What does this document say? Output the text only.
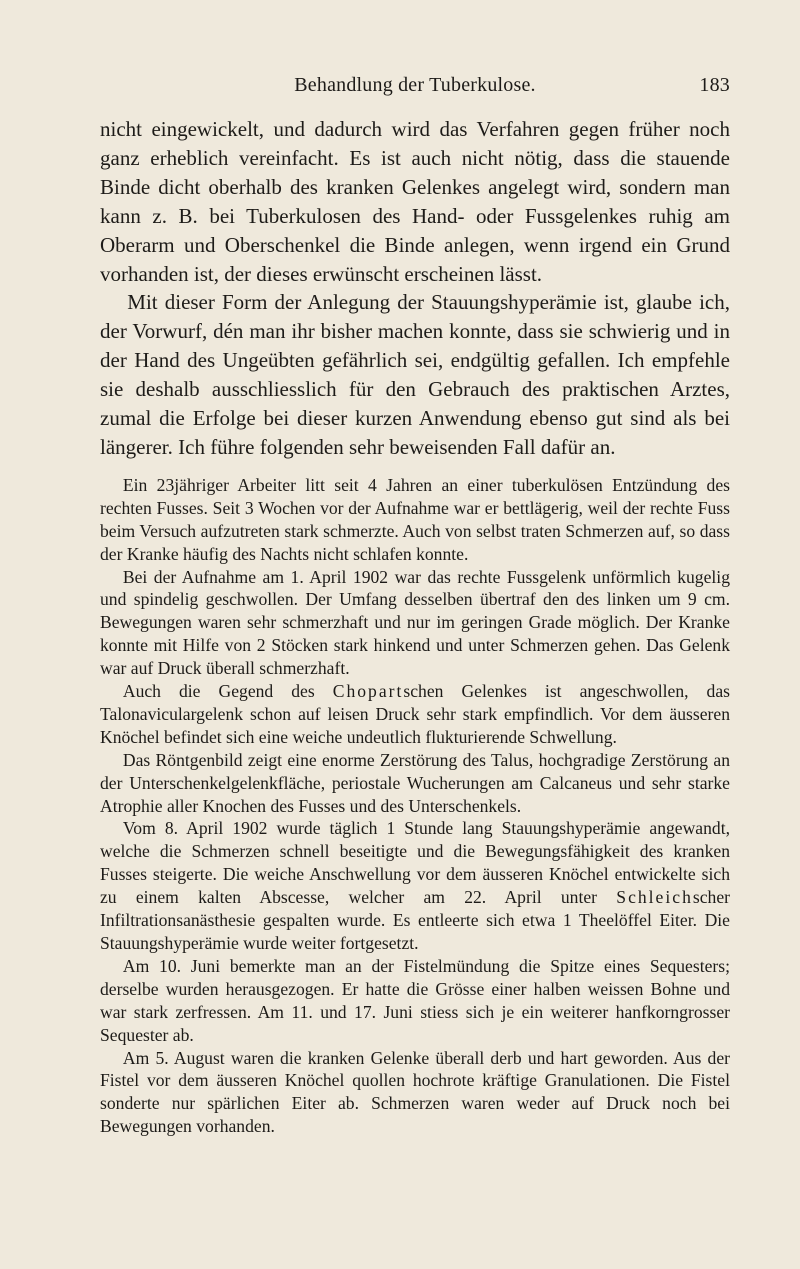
Behandlung der Tuberkulose.	183
nicht eingewickelt, und dadurch wird das Verfahren gegen früher noch ganz erheblich vereinfacht. Es ist auch nicht nötig, dass die stauende Binde dicht oberhalb des kranken Gelenkes angelegt wird, sondern man kann z. B. bei Tuberkulosen des Hand- oder Fussgelenkes ruhig am Oberarm und Oberschenkel die Binde anlegen, wenn irgend ein Grund vorhanden ist, der dieses erwünscht erscheinen lässt.
Mit dieser Form der Anlegung der Stauungshyperämie ist, glaube ich, der Vorwurf, dén man ihr bisher machen konnte, dass sie schwierig und in der Hand des Ungeübten gefährlich sei, endgültig gefallen. Ich empfehle sie deshalb ausschliesslich für den Gebrauch des praktischen Arztes, zumal die Erfolge bei dieser kurzen Anwendung ebenso gut sind als bei längerer. Ich führe folgenden sehr beweisenden Fall dafür an.
Ein 23jähriger Arbeiter litt seit 4 Jahren an einer tuberkulösen Entzündung des rechten Fusses. Seit 3 Wochen vor der Aufnahme war er bettlägerig, weil der rechte Fuss beim Versuch aufzutreten stark schmerzte. Auch von selbst traten Schmerzen auf, so dass der Kranke häufig des Nachts nicht schlafen konnte.
Bei der Aufnahme am 1. April 1902 war das rechte Fussgelenk unförmlich kugelig und spindelig geschwollen. Der Umfang desselben übertraf den des linken um 9 cm. Bewegungen waren sehr schmerzhaft und nur im geringen Grade möglich. Der Kranke konnte mit Hilfe von 2 Stöcken stark hinkend und unter Schmerzen gehen. Das Gelenk war auf Druck überall schmerzhaft.
Auch die Gegend des Chopartschen Gelenkes ist angeschwollen, das Talonaviculargelenk schon auf leisen Druck sehr stark empfindlich. Vor dem äusseren Knöchel befindet sich eine weiche undeutlich flukturierende Schwellung.
Das Röntgenbild zeigt eine enorme Zerstörung des Talus, hochgradige Zerstörung an der Unterschenkelgelenkfläche, periostale Wucherungen am Calcaneus und sehr starke Atrophie aller Knochen des Fusses und des Unterschenkels.
Vom 8. April 1902 wurde täglich 1 Stunde lang Stauungshyperämie angewandt, welche die Schmerzen schnell beseitigte und die Bewegungsfähigkeit des kranken Fusses steigerte. Die weiche Anschwellung vor dem äusseren Knöchel entwickelte sich zu einem kalten Abscesse, welcher am 22. April unter Schleichscher Infiltrationsanästhesie gespalten wurde. Es entleerte sich etwa 1 Theelöffel Eiter. Die Stauungshyperämie wurde weiter fortgesetzt.
Am 10. Juni bemerkte man an der Fistelmündung die Spitze eines Sequesters; derselbe wurden herausgezogen. Er hatte die Grösse einer halben weissen Bohne und war stark zerfressen. Am 11. und 17. Juni stiess sich je ein weiterer hanfkorngrosser Sequester ab.
Am 5. August waren die kranken Gelenke überall derb und hart geworden. Aus der Fistel vor dem äusseren Knöchel quollen hochrote kräftige Granulationen. Die Fistel sonderte nur spärlichen Eiter ab. Schmerzen waren weder auf Druck noch bei Bewegungen vorhanden.
